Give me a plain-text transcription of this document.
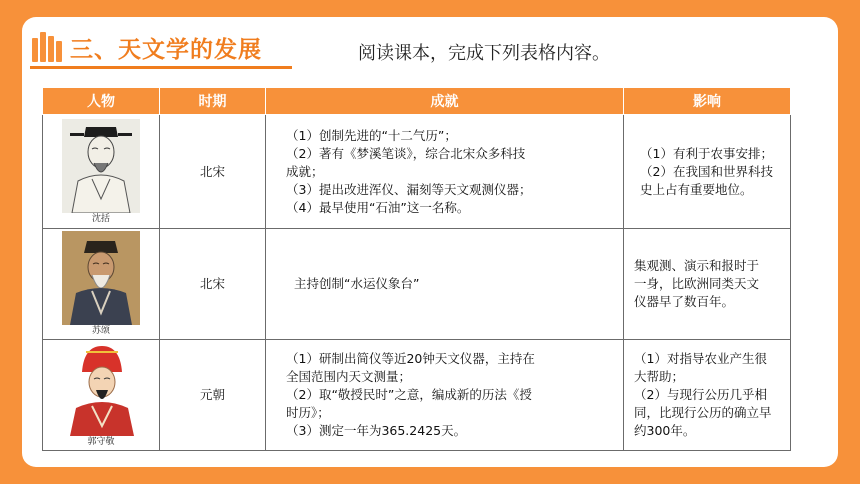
三、天文学的发展	阅读课本，完成下列表格内容。
人物	时期	成就	影响

沈括	北宋	（1）创制先进的“十二气历”；
（2）著有《梦溪笔谈》，综合北宋众多科技
成就；
（3）提出改进浑仪、漏刻等天文观测仪器；
（4）最早使用“石油”这一名称。	（1）有利于农事安排；
（2）在我国和世界科技
史上占有重要地位。

苏颂	北宋	主持创制“水运仪象台”	集观测、演示和报时于
一身，比欧洲同类天文
仪器早了数百年。

郭守敬	元朝	（1）研制出简仪等近20钟天文仪器，主持在
全国范围内天文测量；
（2）取“敬授民时”之意，编成新的历法《授
时历》；
（3）测定一年为365.2425天。	（1）对指导农业产生很
大帮助；
（2）与现行公历几乎相
同，比现行公历的确立早
约300年。
